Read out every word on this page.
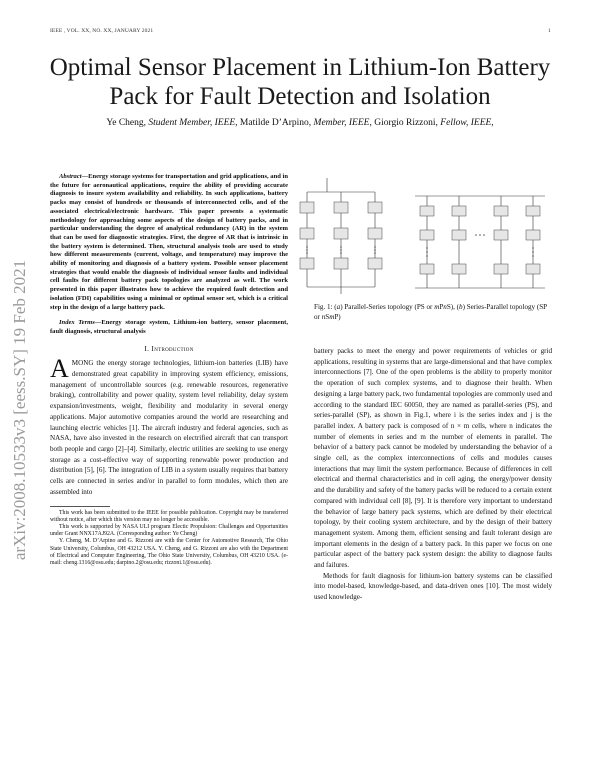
IEEE , VOL. XX, NO. XX, JANUARY 2021	1
arXiv:2008.10533v3 [eess.SY] 19 Feb 2021
Optimal Sensor Placement in Lithium-Ion Battery Pack for Fault Detection and Isolation
Ye Cheng, Student Member, IEEE, Matilde D’Arpino, Member, IEEE, Giorgio Rizzoni, Fellow, IEEE,
Fig. 1: (a) Parallel-Series topology (PS or mPnS), (b) Series-Parallel topology (SP or nSmP)

Abstract—Energy storage systems for transportation and grid applications, and in the future for aeronautical applications, require the ability of providing accurate diagnosis to insure system availability and reliability. In such applications, battery packs may consist of hundreds or thousands of interconnected cells, and of the associated electrical/electronic hardware. This paper presents a systematic methodology for approaching some aspects of the design of battery packs, and in particular understanding the degree of analytical redundancy (AR) in the system that can be used for diagnostic strategies. First, the degree of AR that is intrinsic in the battery system is determined. Then, structural analysis tools are used to study how different measurements (current, voltage, and temperature) may improve the ability of monitoring and diagnosis of a battery system. Possible sensor placement strategies that would enable the diagnosis of individual sensor faults and individual cell faults for different battery pack topologies are analyzed as well. The work presented in this paper illustrates how to achieve the required fault detection and isolation (FDI) capabilities using a minimal or optimal sensor set, which is a critical step in the design of a large battery pack.

Index Terms—Energy storage system, Lithium-ion battery, sensor placement, fault diagnosis, structural analysis

I. Introduction

AMONG the energy storage technologies, lithium-ion batteries (LIB) have demonstrated great capability in improving system efficiency, emissions, management of uncontrollable sources (e.g. renewable resources, regenerative braking), controllability and power quality, system level reliability, delay system expansion/investments, weight, flexibility and modularity in several energy applications. Major automotive companies around the world are researching and launching electric vehicles [1]. The aircraft industry and federal agencies, such as NASA, have also invested in the research on electrified aircraft that can transport both people and cargo [2]–[4]. Similarly, electric utilities are seeking to use energy storage as a cost-effective way of supporting renewable power production and distribution [5], [6]. The integration of LIB in a system usually requires that battery cells are connected in series and/or in parallel to form modules, which then are assembled into

This work has been submitted to the IEEE for possible publication. Copyright may be transferred without notice, after which this version may no longer be accessible.

This work is supported by NASA ULI program Electic Propulsion: Challenges and Opportunities under Grant NNX17AJ92A. (Corresponding author: Ye Cheng)

Y. Cheng, M. D’Arpino and G. Rizzoni are with the Center for Automotive Research, The Ohio State University, Columbus, OH 43212 USA. Y. Cheng, and G. Rizzoni are also with the Department of Electrical and Computer Engineering, The Ohio State University, Columbus, OH 43210 USA. (e-mail: cheng.1316@osu.edu; darpino.2@osu.edu; rizzoni.1@osu.edu).

battery packs to meet the energy and power requirements of vehicles or grid applications, resulting in systems that are large-dimensional and that have complex interconnections [7]. One of the open problems is the ability to properly monitor the operation of such complex systems, and to diagnose their health. When designing a large battery pack, two fundamental topologies are commonly used and according to the standard IEC 60050, they are named as parallel-series (PS), and series-parallel (SP), as shown in Fig.1, where i is the series index and j is the parallel index. A battery pack is composed of n × m cells, where n indicates the number of elements in series and m the number of elements in parallel. The behavior of a battery pack cannot be modeled by understanding the behavior of a single cell, as the complex interconnections of cells and modules causes interactions that may limit the system performance. Because of differences in cell electrical and thermal characteristics and in cell aging, the energy/power density and the durability and safety of the battery packs will be reduced to a certain extent compared with individual cell [8], [9]. It is therefore very important to understand the behavior of large battery pack systems, which are defined by their electrical topology, by their cooling system architecture, and by the design of their battery management system. Among them, efficient sensing and fault tolerant design are important elements in the design of a battery pack. In this paper we focus on one particular aspect of the battery pack system design: the ability to diagnose faults and failures.

Methods for fault diagnosis for lithium-ion battery systems can be classified into model-based, knowledge-based, and data-driven ones [10]. The most widely used knowledge-
